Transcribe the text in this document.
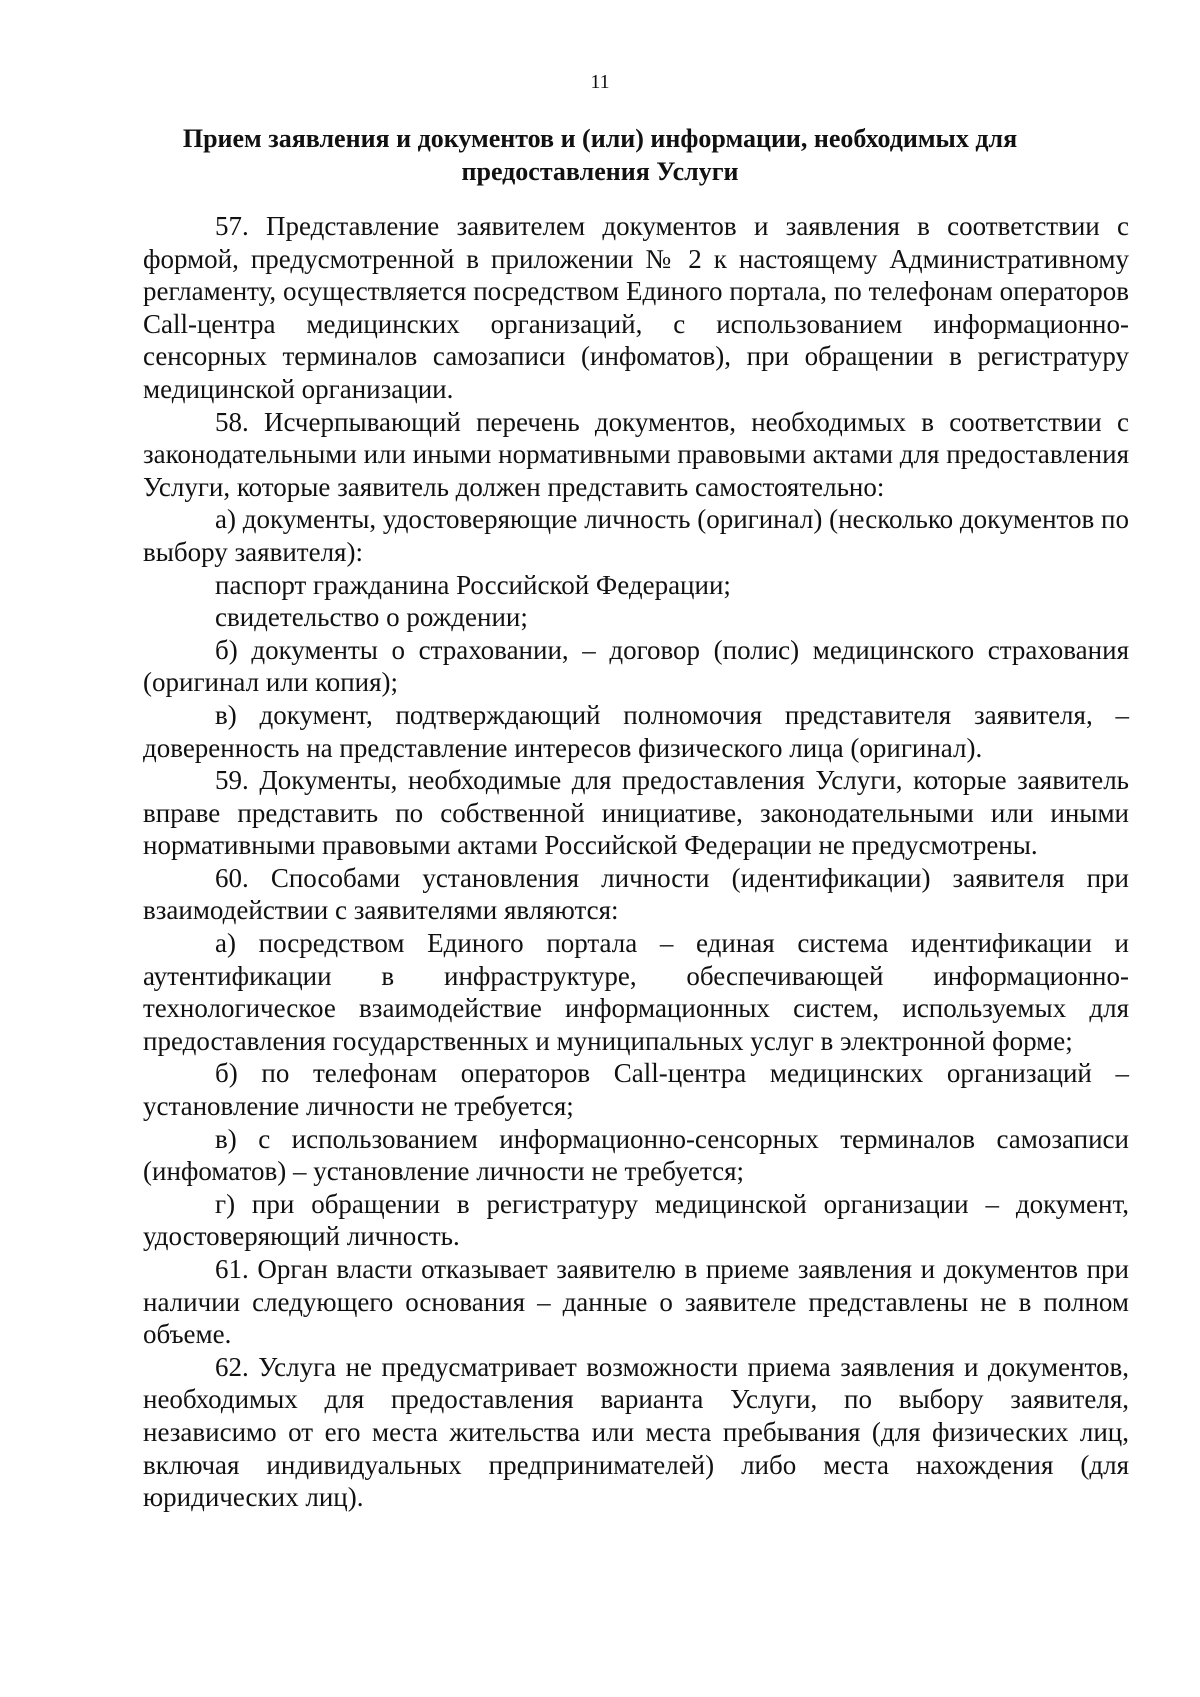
11
Прием заявления и документов и (или) информации, необходимых для предоставления Услуги

57. Представление заявителем документов и заявления в соответствии с формой, предусмотренной в приложении № 2 к настоящему Административному регламенту, осуществляется посредством Единого портала, по телефонам операторов Call-центра медицинских организаций, с использованием информационно-сенсорных терминалов самозаписи (инфоматов), при обращении в регистратуру медицинской организации.

58. Исчерпывающий перечень документов, необходимых в соответствии с законодательными или иными нормативными правовыми актами для предоставления Услуги, которые заявитель должен представить самостоятельно:

а) документы, удостоверяющие личность (оригинал) (несколько документов по выбору заявителя):

паспорт гражданина Российской Федерации;

свидетельство о рождении;

б) документы о страховании, – договор (полис) медицинского страхования (оригинал или копия);

в) документ, подтверждающий полномочия представителя заявителя, – доверенность на представление интересов физического лица (оригинал).

59. Документы, необходимые для предоставления Услуги, которые заявитель вправе представить по собственной инициативе, законодательными или иными нормативными правовыми актами Российской Федерации не предусмотрены.

60. Способами установления личности (идентификации) заявителя при взаимодействии с заявителями являются:

а) посредством Единого портала – единая система идентификации и аутентификации в инфраструктуре, обеспечивающей информационно-технологическое взаимодействие информационных систем, используемых для предоставления государственных и муниципальных услуг в электронной форме;

б) по телефонам операторов Call-центра медицинских организаций – установление личности не требуется;

в) с использованием информационно-сенсорных терминалов самозаписи (инфоматов) – установление личности не требуется;

г) при обращении в регистратуру медицинской организации – документ, удостоверяющий личность.

61. Орган власти отказывает заявителю в приеме заявления и документов при наличии следующего основания – данные о заявителе представлены не в полном объеме.

62. Услуга не предусматривает возможности приема заявления и документов, необходимых для предоставления варианта Услуги, по выбору заявителя, независимо от его места жительства или места пребывания (для физических лиц, включая индивидуальных предпринимателей) либо места нахождения (для юридических лиц).
